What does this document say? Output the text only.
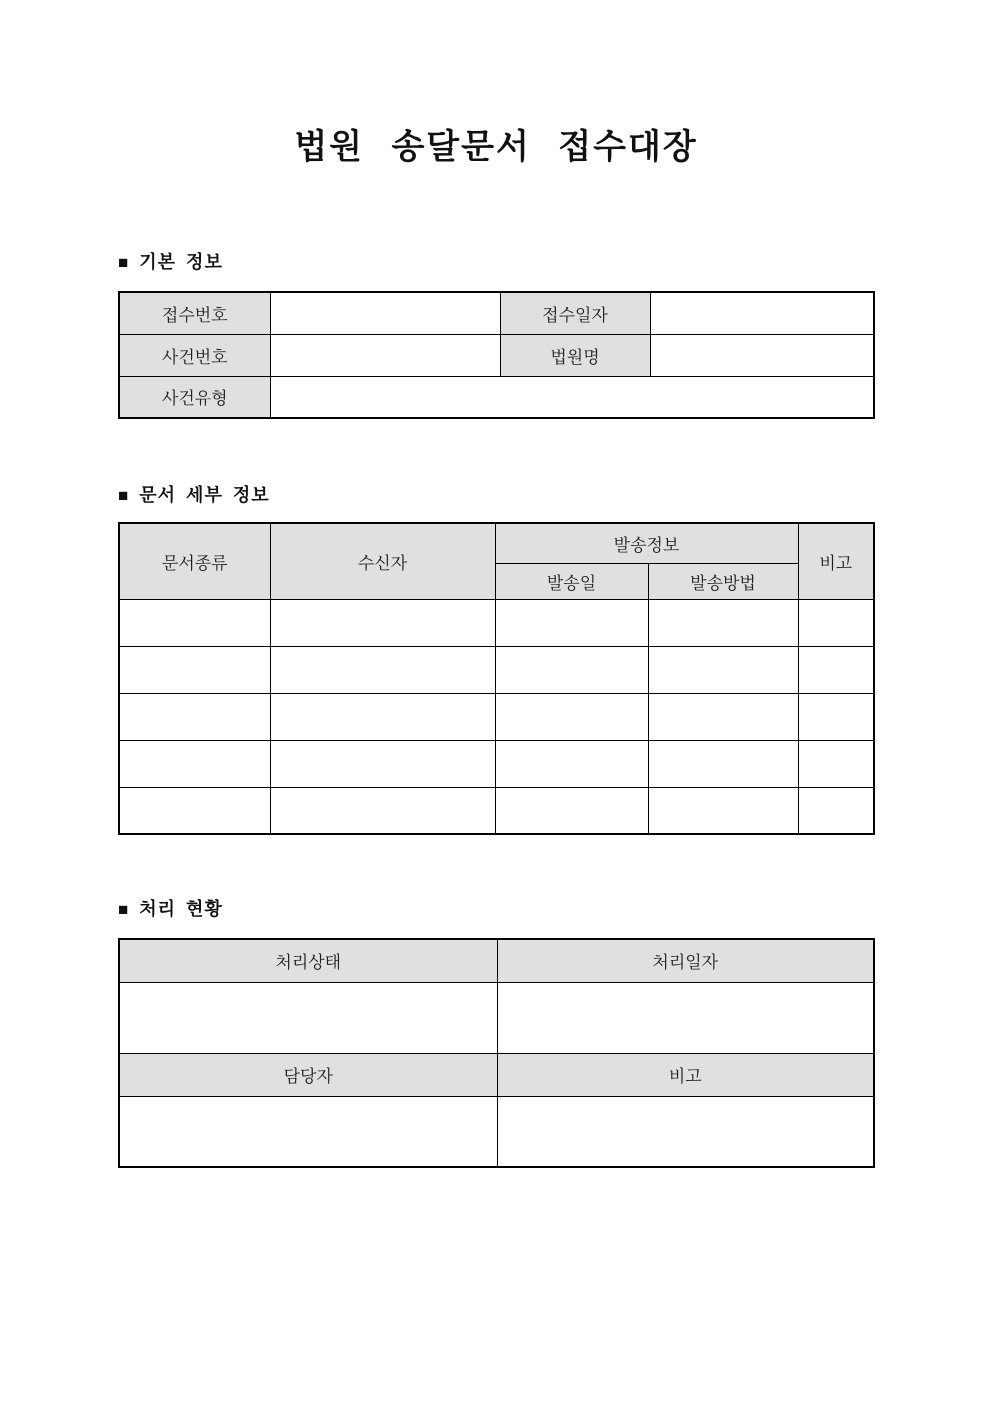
법원 송달문서 접수대장
■ 기본 정보
접수번호		접수일자	
사건번호		법원명	
사건유형			
■ 문서 세부 정보
문서종류	수신자	발송정보		비고
		발송일	발송방법	

■ 처리 현황
처리상태	처리일자

담당자	비고
